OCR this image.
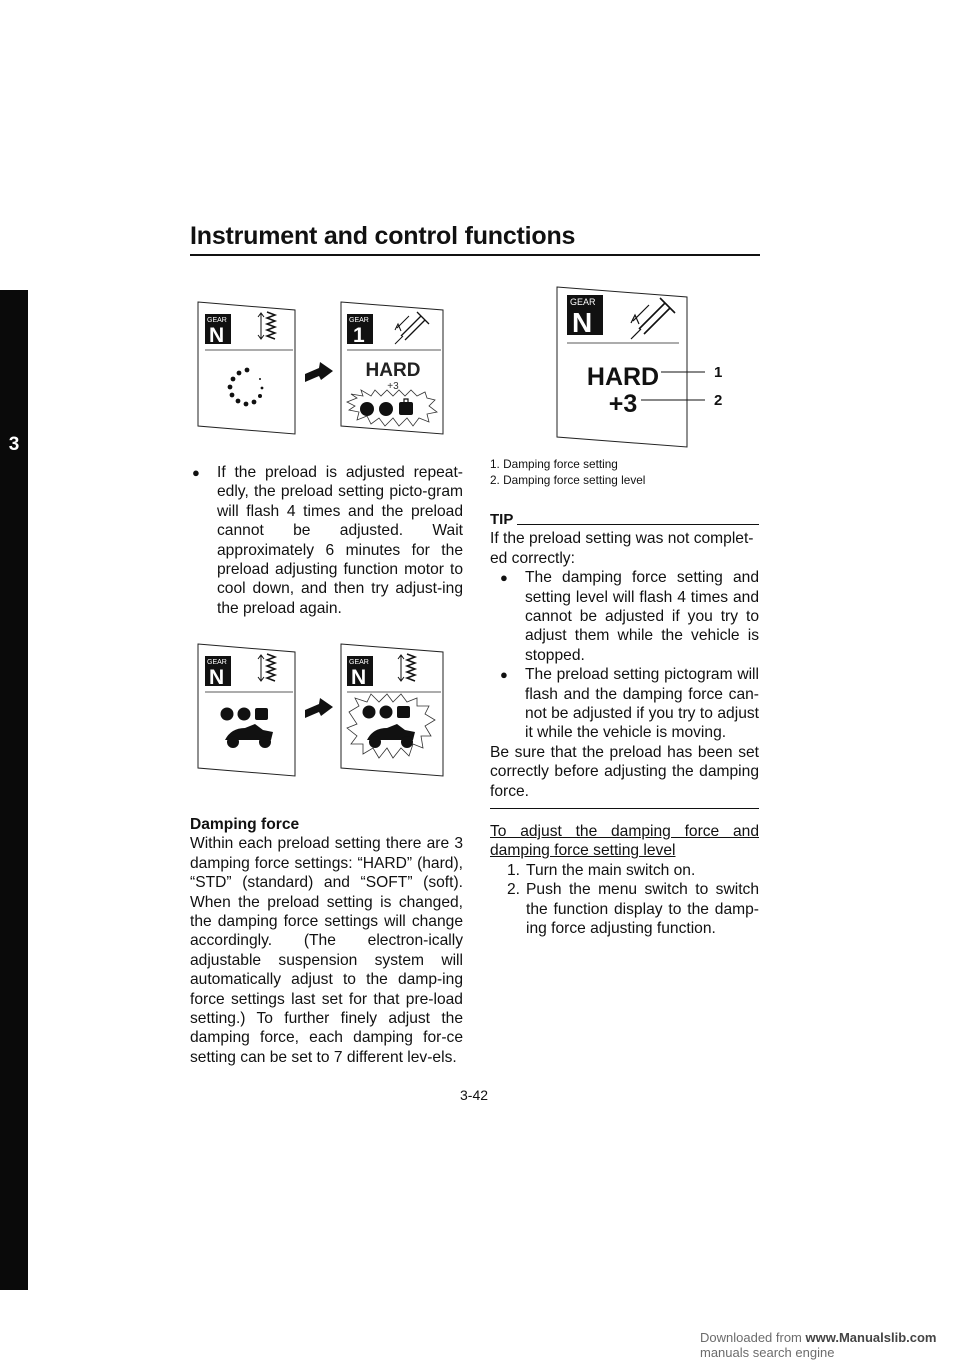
Instrument and control functions
3
GEAR
N
GEAR
1
HARD
+3
●	If the preload is adjusted repeat-edly, the preload setting picto-gram will flash 4 times and the preload cannot be adjusted. Wait approximately 6 minutes for the preload adjusting function motor to cool down, and then try adjust-ing the preload again.
GEAR
N
GEAR
N
Damping force
Within each preload setting there are 3 damping force settings: “HARD” (hard), “STD” (standard) and “SOFT” (soft). When the preload setting is changed, the damping force settings will change accordingly. (The electron-ically adjustable suspension system will automatically adjust to the damp-ing force settings last set for that pre-load setting.) To further finely adjust the damping force, each damping for-ce setting can be set to 7 different lev-els.
GEAR
N
HARD
+3
1
2
1. Damping force setting
2. Damping force setting level
TIP
If the preload setting was not complet-ed correctly:
●	The damping force setting and setting level will flash 4 times and cannot be adjusted if you try to adjust them while the vehicle is stopped.
●	The preload setting pictogram will flash and the damping force can-not be adjusted if you try to adjust it while the vehicle is moving.
Be sure that the preload has been set correctly before adjusting the damping force.
To adjust the damping force and damping force setting level
1. Turn the main switch on.
2. Push the menu switch to switch the function display to the damp-ing force adjusting function.
3-42
Downloaded from www.Manualslib.com manuals search engine
